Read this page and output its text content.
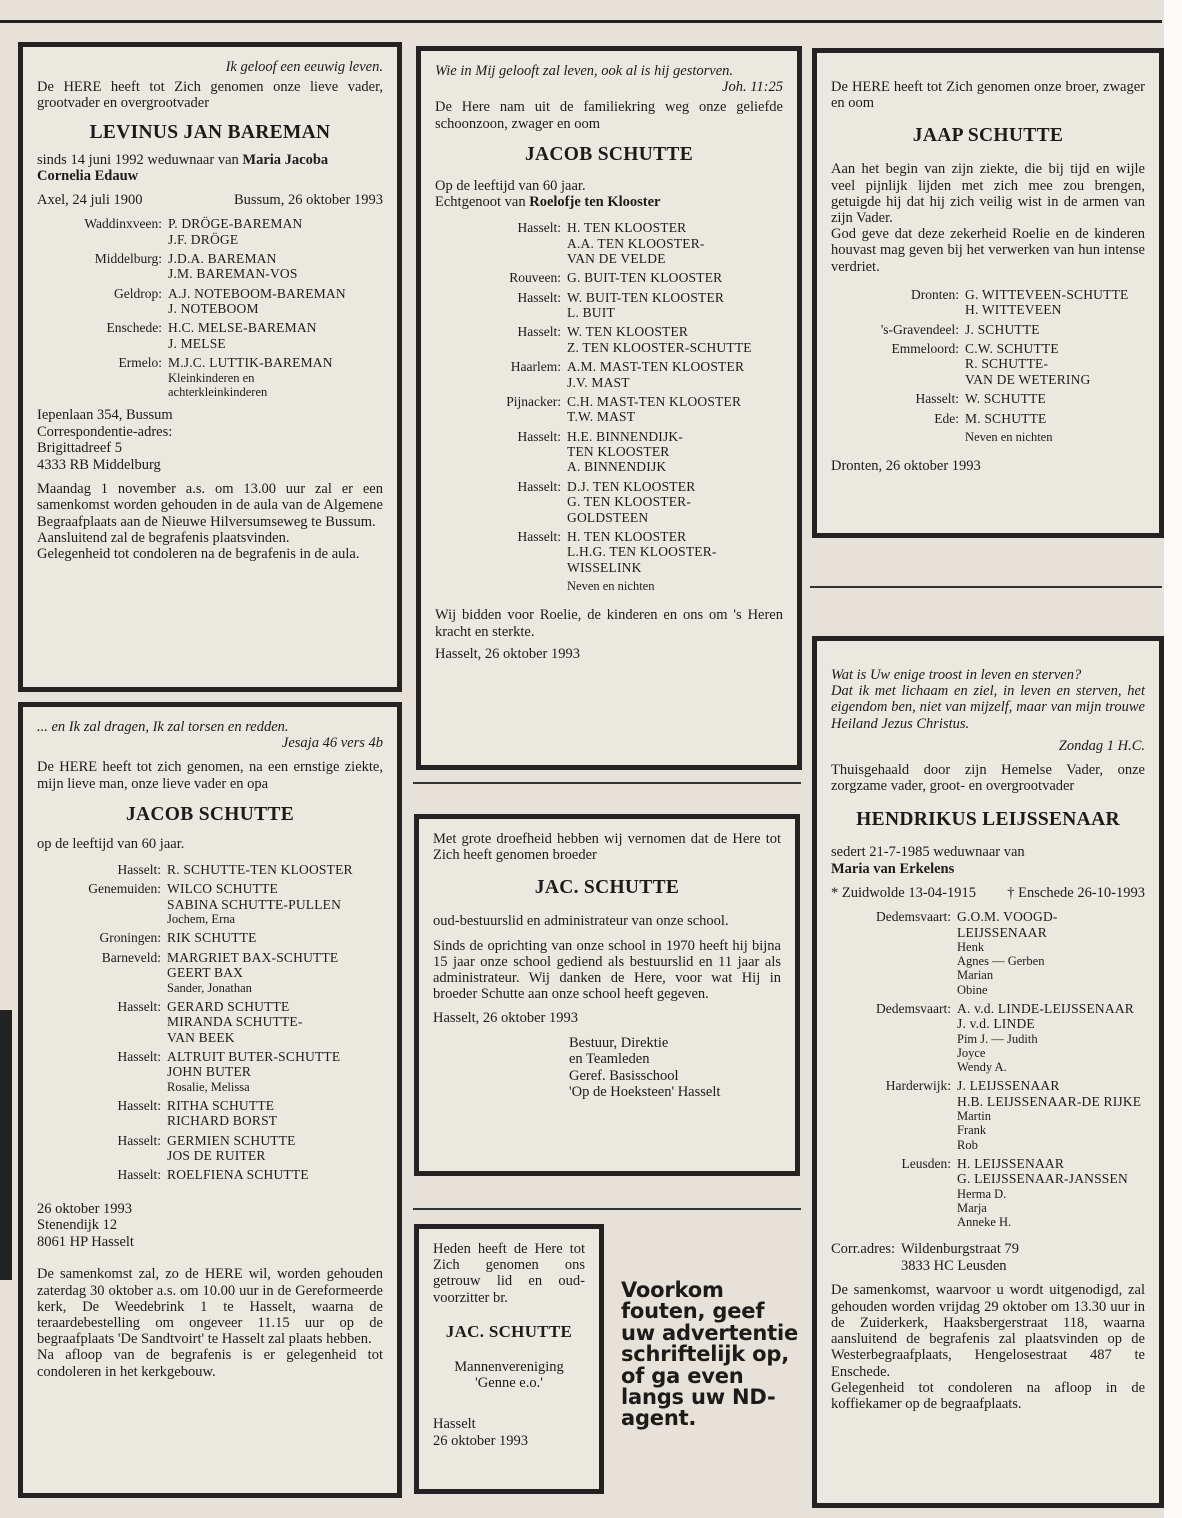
Ik geloof een eeuwig leven.
De HERE heeft tot Zich genomen onze lieve vader, grootvader en overgrootvader
LEVINUS JAN BAREMAN
sinds 14 juni 1992 weduwnaar van Maria Jacoba Cornelia Edauw
Axel, 24 juli 1900	Bussum, 26 oktober 1993
Waddinxveen: P. DRÖGE-BAREMAN
J.F. DRÖGE
Middelburg: J.D.A. BAREMAN
J.M. BAREMAN-VOS
Geldrop: A.J. NOTEBOOM-BAREMAN
J. NOTEBOOM
Enschede: H.C. MELSE-BAREMAN
J. MELSE
Ermelo: M.J.C. LUTTIK-BAREMAN
Kleinkinderen en
achterkleinkinderen
Iepenlaan 354, Bussum
Correspondentie-adres:
Brigittadreef 5
4333 RB Middelburg
Maandag 1 november a.s. om 13.00 uur zal er een samenkomst worden gehouden in de aula van de Algemene Begraafplaats aan de Nieuwe Hilversumseweg te Bussum.
Aansluitend zal de begrafenis plaatsvinden.
Gelegenheid tot condoleren na de begrafenis in de aula.
... en Ik zal dragen, Ik zal torsen en redden.
Jesaja 46 vers 4b
De HERE heeft tot zich genomen, na een ernstige ziekte, mijn lieve man, onze lieve vader en opa
JACOB SCHUTTE
op de leeftijd van 60 jaar.
Hasselt: R. SCHUTTE-TEN KLOOSTER
Genemuiden: WILCO SCHUTTE
SABINA SCHUTTE-PULLEN
Jochem, Erna
Groningen: RIK SCHUTTE
Barneveld: MARGRIET BAX-SCHUTTE
GEERT BAX
Sander, Jonathan
Hasselt: GERARD SCHUTTE
MIRANDA SCHUTTE-
VAN BEEK
Hasselt: ALTRUIT BUTER-SCHUTTE
JOHN BUTER
Rosalie, Melissa
Hasselt: RITHA SCHUTTE
RICHARD BORST
Hasselt: GERMIEN SCHUTTE
JOS DE RUITER
Hasselt: ROELFIENA SCHUTTE
26 oktober 1993
Stenendijk 12
8061 HP Hasselt
De samenkomst zal, zo de HERE wil, worden gehouden zaterdag 30 oktober a.s. om 10.00 uur in de Gereformeerde kerk, De Weedebrink 1 te Hasselt, waarna de teraardebestelling om ongeveer 11.15 uur op de begraafplaats 'De Sandtvoirt' te Hasselt zal plaats hebben.
Na afloop van de begrafenis is er gelegenheid tot condoleren in het kerkgebouw.
Wie in Mij gelooft zal leven, ook al is hij gestorven.
Joh. 11:25
De Here nam uit de familiekring weg onze geliefde schoonzoon, zwager en oom
JACOB SCHUTTE
Op de leeftijd van 60 jaar.
Echtgenoot van Roelofje ten Klooster
Hasselt: H. TEN KLOOSTER
A.A. TEN KLOOSTER-
VAN DE VELDE
Rouveen: G. BUIT-TEN KLOOSTER
Hasselt: W. BUIT-TEN KLOOSTER
L. BUIT
Hasselt: W. TEN KLOOSTER
Z. TEN KLOOSTER-SCHUTTE
Haarlem: A.M. MAST-TEN KLOOSTER
J.V. MAST
Pijnacker: C.H. MAST-TEN KLOOSTER
T.W. MAST
Hasselt: H.E. BINNENDIJK-
TEN KLOOSTER
A. BINNENDIJK
Hasselt: D.J. TEN KLOOSTER
G. TEN KLOOSTER-
GOLDSTEEN
Hasselt: H. TEN KLOOSTER
L.H.G. TEN KLOOSTER-
WISSELINK
Neven en nichten
Wij bidden voor Roelie, de kinderen en ons om 's Heren kracht en sterkte.
Hasselt, 26 oktober 1993
Met grote droefheid hebben wij vernomen dat de Here tot Zich heeft genomen broeder
JAC. SCHUTTE
oud-bestuurslid en administrateur van onze school.
Sinds de oprichting van onze school in 1970 heeft hij bijna 15 jaar onze school gediend als bestuurslid en 11 jaar als administrateur. Wij danken de Here, voor wat Hij in broeder Schutte aan onze school heeft gegeven.
Hasselt, 26 oktober 1993
Bestuur, Direktie
en Teamleden
Geref. Basisschool
'Op de Hoeksteen' Hasselt
Heden heeft de Here tot Zich genomen ons getrouw lid en oud-voorzitter br.
JAC. SCHUTTE
Mannenvereniging
'Genne e.o.'
Hasselt
26 oktober 1993
Voorkom
fouten, geef
uw advertentie
schriftelijk op,
of ga even
langs uw ND-
agent.
De HERE heeft tot Zich genomen onze broer, zwager en oom
JAAP SCHUTTE
Aan het begin van zijn ziekte, die bij tijd en wijle veel pijnlijk lijden met zich mee zou brengen, getuigde hij dat hij zich veilig wist in de armen van zijn Vader.
God geve dat deze zekerheid Roelie en de kinderen houvast mag geven bij het verwerken van hun intense verdriet.
Dronten: G. WITTEVEEN-SCHUTTE
H. WITTEVEEN
's-Gravendeel: J. SCHUTTE
Emmeloord: C.W. SCHUTTE
R. SCHUTTE-
VAN DE WETERING
Hasselt: W. SCHUTTE
Ede: M. SCHUTTE
Neven en nichten
Dronten, 26 oktober 1993
Wat is Uw enige troost in leven en sterven?
Dat ik met lichaam en ziel, in leven en sterven, het eigendom ben, niet van mijzelf, maar van mijn trouwe Heiland Jezus Christus.
Zondag 1 H.C.
Thuisgehaald door zijn Hemelse Vader, onze zorgzame vader, groot- en overgrootvader
HENDRIKUS LEIJSSENAAR
sedert 21-7-1985 weduwnaar van
Maria van Erkelens
* Zuidwolde 13-04-1915 † Enschede 26-10-1993
Dedemsvaart: G.O.M. VOOGD-
LEIJSSENAAR
Henk
Agnes — Gerben
Marian
Obine
Dedemsvaart: A. v.d. LINDE-LEIJSSENAAR
J. v.d. LINDE
Pim J. — Judith
Joyce
Wendy A.
Harderwijk: J. LEIJSSENAAR
H.B. LEIJSSENAAR-DE RIJKE
Martin
Frank
Rob
Leusden: H. LEIJSSENAAR
G. LEIJSSENAAR-JANSSEN
Herma D.
Marja
Anneke H.
Corr.adres: Wildenburgstraat 79
3833 HC Leusden
De samenkomst, waarvoor u wordt uitgenodigd, zal gehouden worden vrijdag 29 oktober om 13.30 uur in de Zuiderkerk, Haaksbergerstraat 118, waarna aansluitend de begrafenis zal plaatsvinden op de Westerbegraafplaats, Hengelosestraat 487 te Enschede.
Gelegenheid tot condoleren na afloop in de koffiekamer op de begraafplaats.
